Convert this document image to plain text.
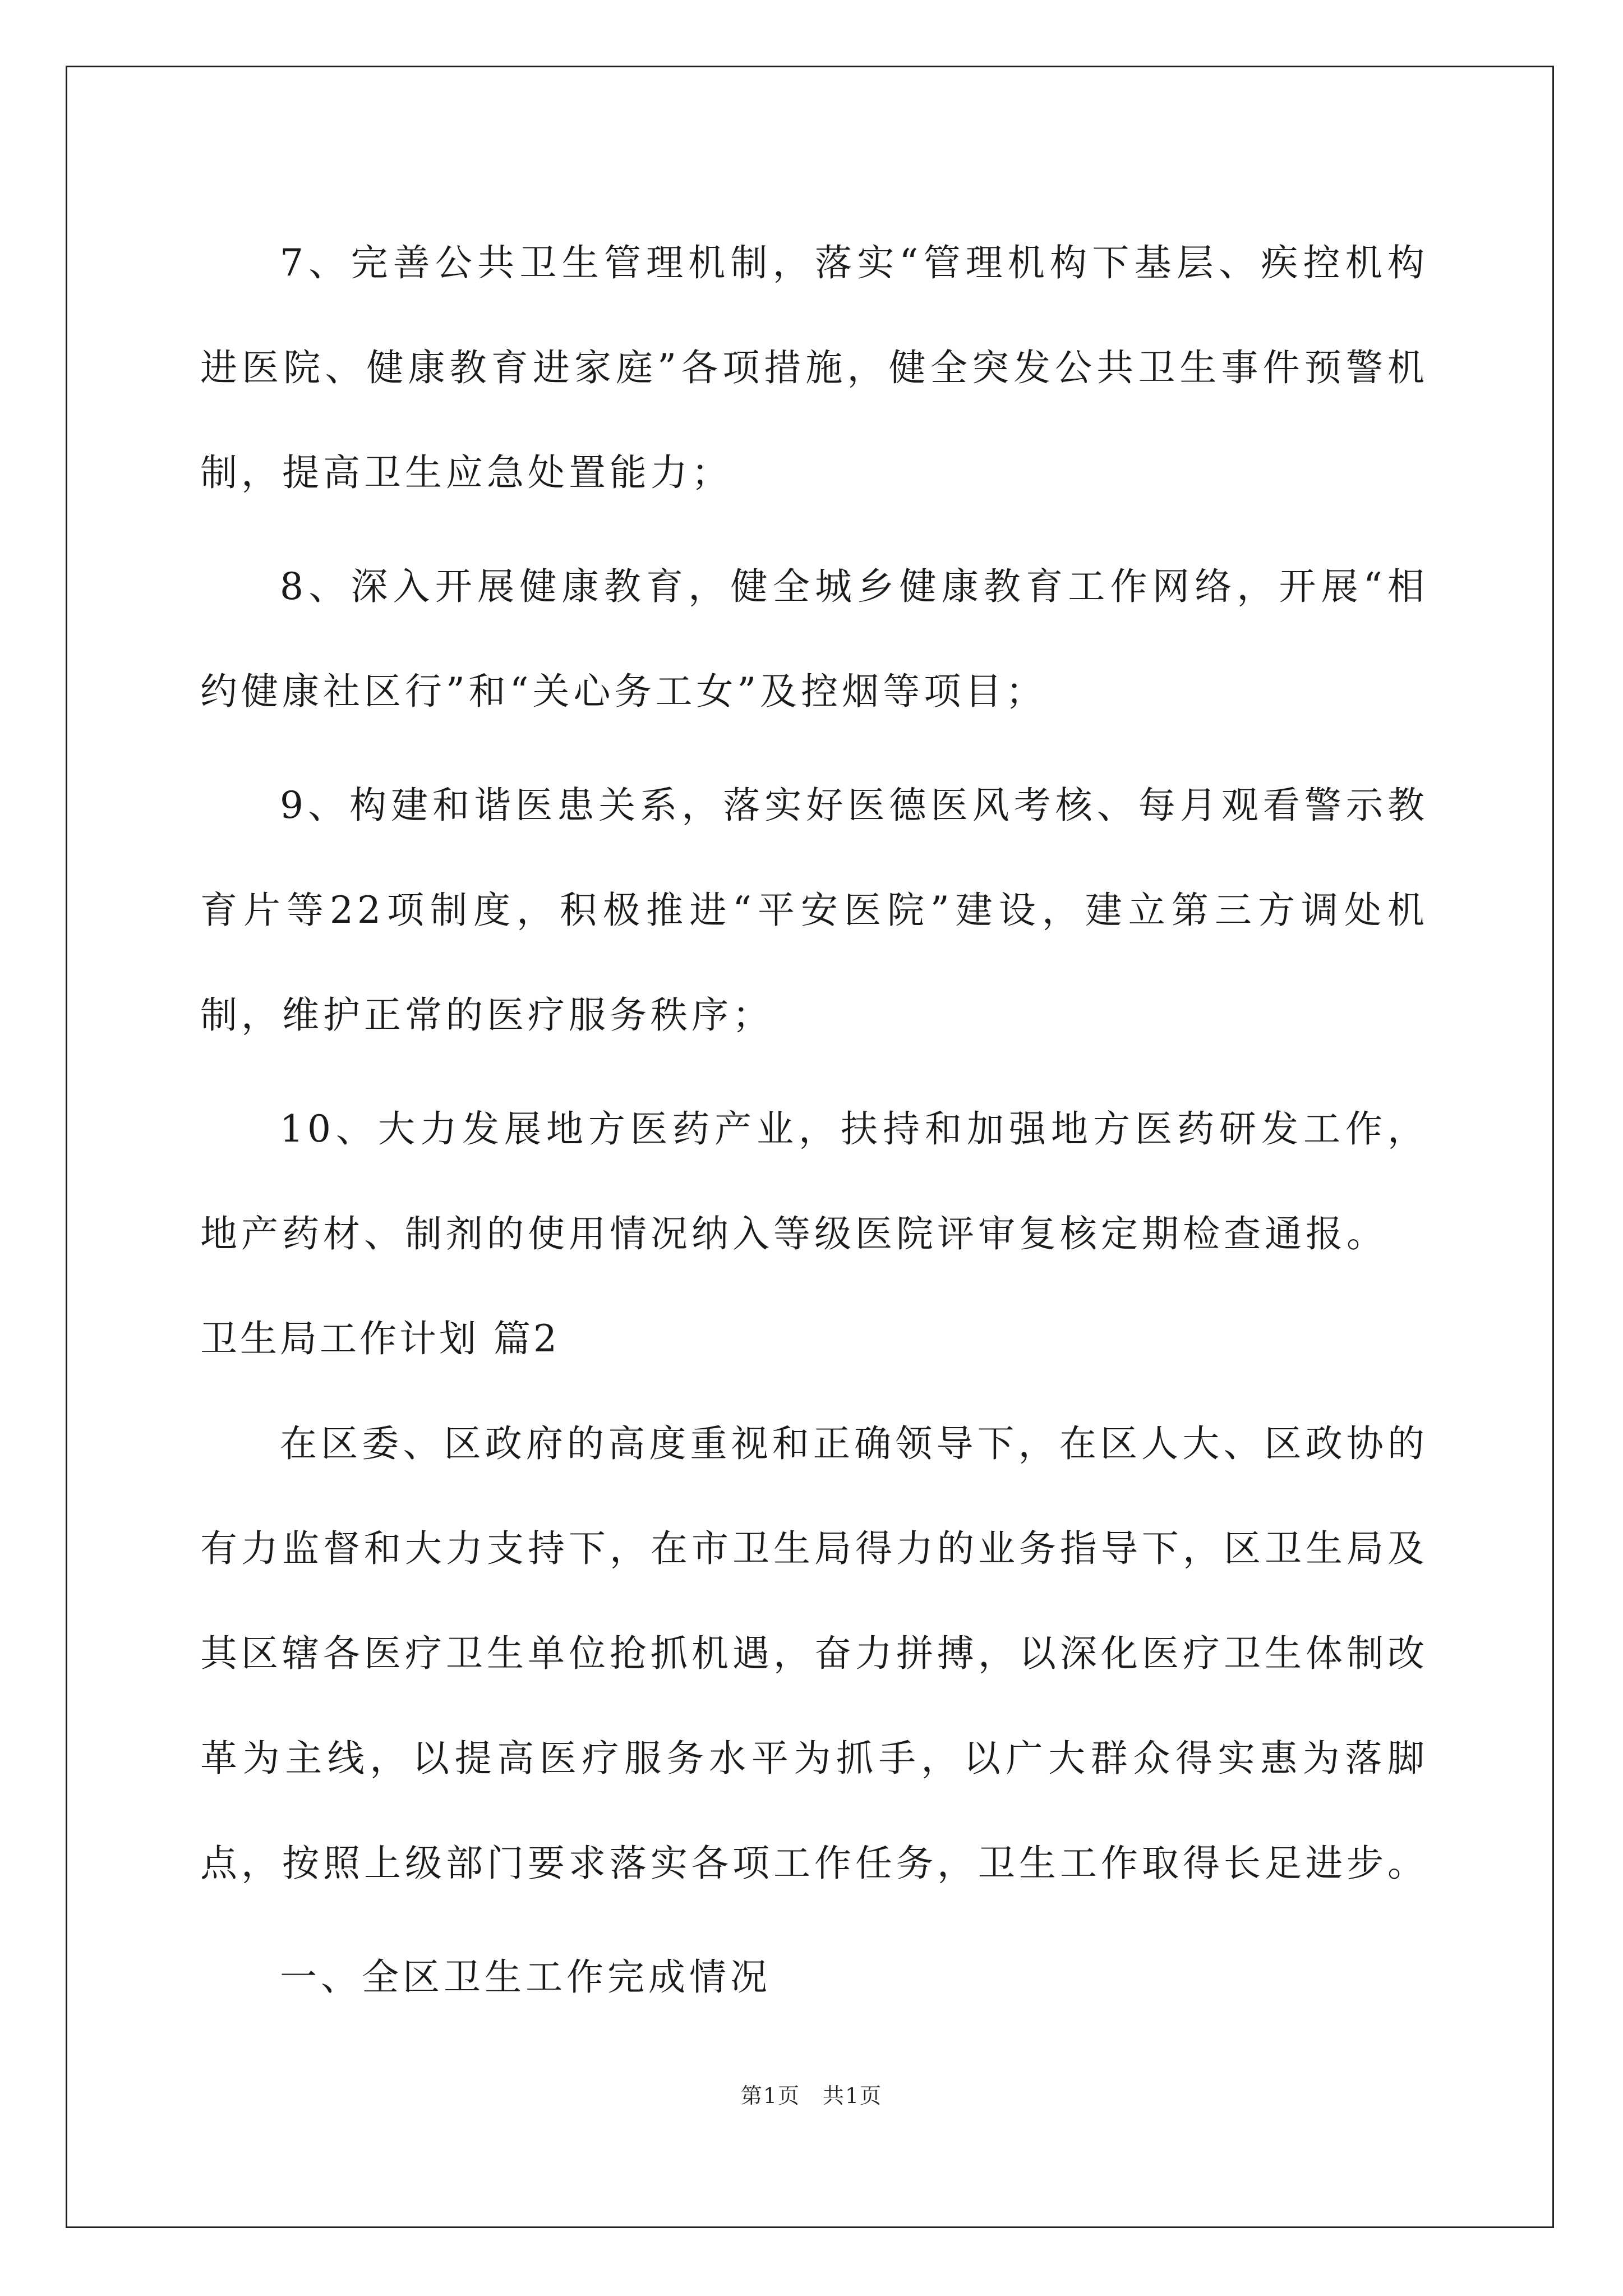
7、完善公共卫生管理机制，落实“管理机构下基层、疾控机构进医院、健康教育进家庭”各项措施，健全突发公共卫生事件预警机制，提高卫生应急处置能力；

8、深入开展健康教育，健全城乡健康教育工作网络，开展“相约健康社区行”和“关心务工女”及控烟等项目；

9、构建和谐医患关系，落实好医德医风考核、每月观看警示教育片等22项制度，积极推进“平安医院”建设，建立第三方调处机制，维护正常的医疗服务秩序；

10、大力发展地方医药产业，扶持和加强地方医药研发工作，地产药材、制剂的使用情况纳入等级医院评审复核定期检查通报。

卫生局工作计划 篇2

在区委、区政府的高度重视和正确领导下，在区人大、区政协的有力监督和大力支持下，在市卫生局得力的业务指导下，区卫生局及其区辖各医疗卫生单位抢抓机遇，奋力拼搏，以深化医疗卫生体制改革为主线，以提高医疗服务水平为抓手，以广大群众得实惠为落脚点，按照上级部门要求落实各项工作任务，卫生工作取得长足进步。

一、全区卫生工作完成情况

第1页　共1页
